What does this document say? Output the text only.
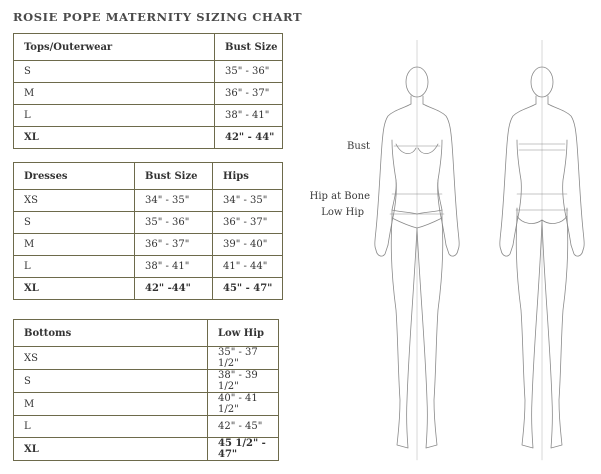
ROSIE POPE MATERNITY SIZING CHART
Tops/Outerwear	Bust Size
S	35" - 36"
M	36" - 37"
L	38" - 41"
XL	42" - 44"
Dresses	Bust Size	Hips
XS	34" - 35"	34" - 35"
S	35" - 36"	36" - 37"
M	36" - 37"	39" - 40"
L	38" - 41"	41" - 44"
XL	42" -44"	45" - 47"
Bottoms	Low Hip
XS	35" - 37 1/2"
S	38" - 39 1/2"
M	40" - 41 1/2"
L	42" - 45"
XL	45 1/2" - 47"
Bust
Hip at Bone
Low Hip
